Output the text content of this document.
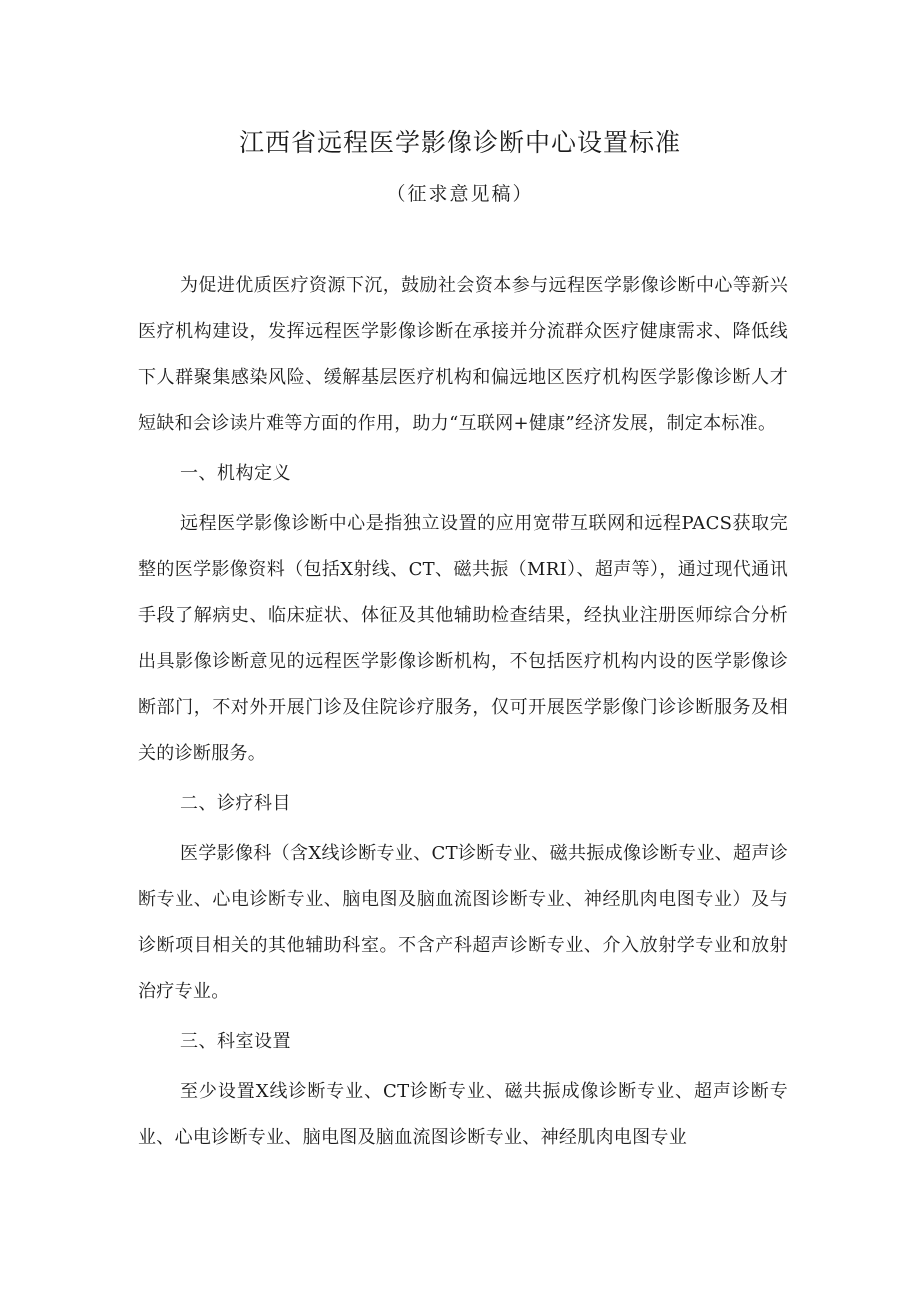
江西省远程医学影像诊断中心设置标准
（征求意见稿）

为促进优质医疗资源下沉，鼓励社会资本参与远程医学影像诊断中心等新兴医疗机构建设，发挥远程医学影像诊断在承接并分流群众医疗健康需求、降低线下人群聚集感染风险、缓解基层医疗机构和偏远地区医疗机构医学影像诊断人才短缺和会诊读片难等方面的作用，助力“互联网+健康”经济发展，制定本标准。

一、机构定义

远程医学影像诊断中心是指独立设置的应用宽带互联网和远程PACS获取完整的医学影像资料（包括X射线、CT、磁共振（MRI）、超声等），通过现代通讯手段了解病史、临床症状、体征及其他辅助检查结果，经执业注册医师综合分析出具影像诊断意见的远程医学影像诊断机构，不包括医疗机构内设的医学影像诊断部门，不对外开展门诊及住院诊疗服务，仅可开展医学影像门诊诊断服务及相关的诊断服务。

二、诊疗科目

医学影像科（含X线诊断专业、CT诊断专业、磁共振成像诊断专业、超声诊断专业、心电诊断专业、脑电图及脑血流图诊断专业、神经肌肉电图专业）及与诊断项目相关的其他辅助科室。不含产科超声诊断专业、介入放射学专业和放射治疗专业。

三、科室设置

至少设置X线诊断专业、CT诊断专业、磁共振成像诊断专业、超声诊断专业、心电诊断专业、脑电图及脑血流图诊断专业、神经肌肉电图专业
